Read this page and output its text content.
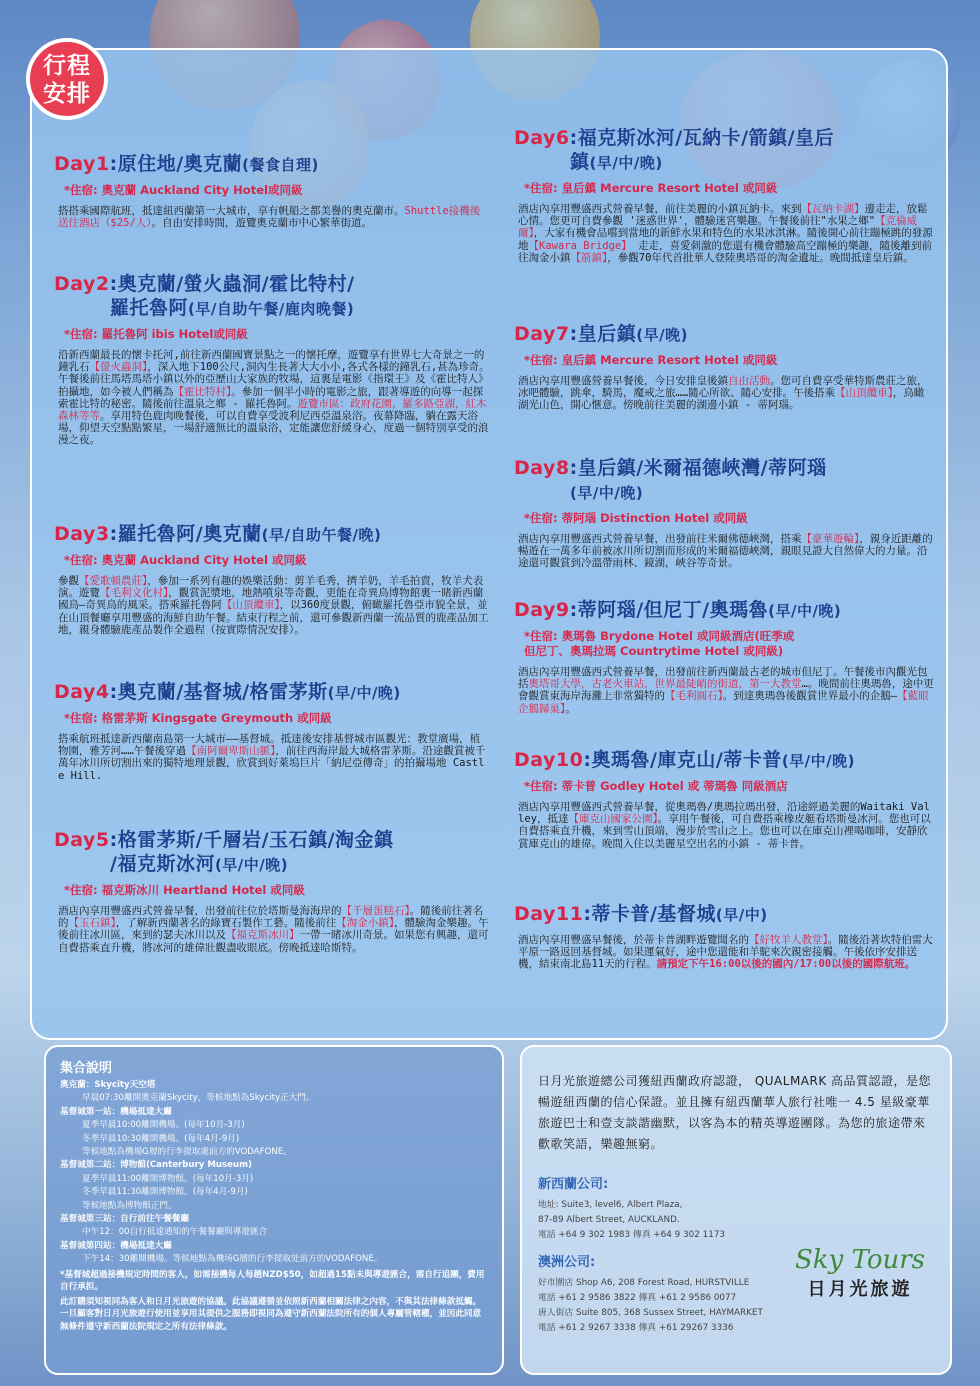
行程
安排
Day1:原住地/奧克蘭(餐食自理)
*住宿: 奧克蘭 Auckland City Hotel或同級
搭搭乘國際航班，抵達紐西蘭第一大城市，享有帆船之都美譽的奧克蘭市。Shuttle接機後送往酒店（$25/人）。自由安排時間，遊覽奧克蘭市中心繁華街道。
Day2:奧克蘭/螢火蟲洞/霍比特村/
羅托魯阿(早/自助午餐/鹿肉晚餐)
*住宿: 羅托魯阿 ibis Hotel或同級
沿新西蘭最長的懷卡托河,前往新西蘭國寶景點之一的懷托摩，遊覽享有世界七大奇景之一的鐘乳石【螢火蟲洞】，深入地下100公尺,洞內生長著大大小小,各式各樣的鐘乳石,甚為珍奇。午餐後前往馬塔馬塔小鎮以外的亞歷山大家族的牧場，這裏是電影《指環王》及《霍比特人》拍攝地，如今被人們稱為【霍比特村】。參加一個半小時的電影之旅，跟著導遊的向導一起探索霍比特的秘密。隨後前往溫泉之鄉 - 羅托魯阿。遊覽市區：政府花園，羅多路亞湖，紅木森林等等。享用特色鹿肉晚餐後，可以自費享受波利尼西亞溫泉浴。夜幕降臨，躺在露天浴場，仰望天空點點繁星，一場舒適無比的溫泉浴，定能讓您舒緩身心，度過一個特別享受的浪漫之夜。
Day3:羅托魯阿/奧克蘭(早/自助午餐/晚)
*住宿: 奧克蘭 Auckland City Hotel 或同級
參觀【愛歌頓農莊】，參加一系列有趣的娛樂活動：剪羊毛秀，擠羊奶，羊毛拍賣，牧羊犬表演。遊覽【毛利文化村】，觀賞泥漿地，地熱噴泉等奇觀，更能在奇異鳥博物館裏一睹新西蘭國鳥—奇異鳥的風采。搭乘羅托魯阿【山頂纜車】，以360度景觀，俯瞰羅托魯亞市貌全景，並在山頂餐廳享用豐盛的海鮮自助午餐。結束行程之前，還可參觀新西蘭一流品質的鹿產品加工地，親身體驗鹿產品製作全過程（按實際情況安排）。
Day4:奧克蘭/基督城/格雷茅斯(早/中/晚)
*住宿: 格雷茅斯 Kingsgate Greymouth 或同級
搭乘航班抵達新西蘭南島第一大城市——基督城。抵達後安排基督城市區觀光：教堂廣場，植物園，雅芳河……午餐後穿過【南阿爾卑斯山脈】，前往西海岸最大城格雷茅斯。沿途觀賞被千萬年冰川所切割出來的獨特地理景觀，欣賞到好萊塢巨片「納尼亞傳奇」的拍攝場地 Castle Hill.
Day5:格雷茅斯/千層岩/玉石鎮/淘金鎮
/福克斯冰河(早/中/晚)
*住宿: 福克斯冰川 Heartland Hotel 或同級
酒店內享用豐盛西式營養早餐，出發前往位於塔斯曼海海岸的【千層蛋糕石】。隨後前往著名的【玉石鎮】，了解新西蘭著名的綠寶石製作工藝。隨後前往【淘金小鎮】，體驗淘金樂趣。午後前往冰川區，來到約瑟夫冰川以及【福克斯冰川】一帶一睹冰川奇景。如果您有興趣，還可自費搭乘直升機，將冰河的雄偉壯觀盡收眼底。傍晚抵達哈斯特。
Day6:福克斯冰河/瓦納卡/箭鎮/皇后
鎮(早/中/晚)
*住宿: 皇后鎮 Mercure Resort Hotel 或同級
酒店內享用豐盛西式營養早餐，前往美麗的小鎮瓦納卡。來到【瓦納卡湖】邊走走，放鬆心情。您更可自費參觀 '迷惑世界'，體驗迷宮樂趣。午餐後前往"水果之鄉"【克倫威爾】，大家有機會品嚐到當地的新鮮水果和特色的水果冰淇淋。隨後開心前往蹦極跳的發源地【Kawara Bridge】 走走，喜愛刺激的您還有機會體驗高空蹦極的樂趣，隨後離到前往淘金小鎮【箭鎮】，參觀70年代首批華人登陸奧塔哥的淘金遺址。晚間抵達皇后鎮。
Day7:皇后鎮(早/晚)
*住宿: 皇后鎮 Mercure Resort Hotel 或同級
酒店內享用豐盛營養早餐後，今日安排皇後鎮自由活動。您可自費享受華特斯農莊之旅，冰吧體驗，跳傘，騎馬，魔戒之旅……隨心所欲、隨心安排。午後搭乘【山頂纜車】，鳥瞰湖光山色，開心愜意。傍晚前往美麗的湖邊小鎮 - 蒂阿瑙。
Day8:皇后鎮/米爾福德峽灣/蒂阿瑙
(早/中/晚)
*住宿: 蒂阿瑙 Distinction Hotel 或同級
酒店內享用豐盛西式營養早餐，出發前往米爾佛德峽灣，搭乘【豪華遊輪】，親身近距離的暢遊在一萬多年前被冰川所切割而形成的米爾福德峽灣，親眼見證大自然偉大的力量。沿途還可觀賞到冷溫帶雨林、鏡湖，峽谷等奇景。
Day9:蒂阿瑙/但尼丁/奧瑪魯(早/中/晚)
*住宿: 奧瑪魯 Brydone Hotel 或同級酒店(旺季或
但尼丁、奧瑪拉瑪 Countrytime Hotel 或同級)
酒店內享用豐盛西式營養早餐，出發前往新西蘭最古老的城市但尼丁。午餐後市內觀光包括奧塔哥大學，古老火車站，世界最陡峭的街道，第一大教堂…。晚間前往奧瑪魯，途中更會觀賞東海岸海灘上非常獨特的【毛利圓石】。到達奧瑪魯後觀賞世界最小的企鵝—【藍眼企鵝歸巢】。
Day10:奧瑪魯/庫克山/蒂卡普(早/中/晚)
*住宿: 蒂卡普 Godley Hotel 或 蒂瑪魯 同級酒店
酒店內享用豐盛西式營養早餐，從奧瑪魯/奧瑪拉瑪出發，沿途經過美麗的Waitaki Valley，抵達【庫克山國家公園】。享用午餐後，可自費搭乘橡皮艇看塔斯曼冰河。您也可以自費搭乘直升機，來到雪山頂端，漫步於雪山之上。您也可以在庫克山裡喝咖啡，安靜欣賞庫克山的雄偉。晚間入住以美麗星空出名的小鎮 - 蒂卡普。
Day11:蒂卡普/基督城(早/中)
酒店內享用豐盛早餐後，於蒂卡普湖畔遊覽聞名的【好牧羊人教堂】。隨後沿著坎特伯雷大平原一路返回基督城。如果運氣好，途中您還能和羊駝來次親密接觸。午後依序安排送機，結束南北島11天的行程。請預定下午16:00以後的國內/17:00以後的國際航班。
集合說明
奧克蘭：Skycity天空塔
早晨07:30離開奧克蘭Skycity，等候地點為Skycity正大門。
基督城第一站：機場抵達大廳
夏季早晨10:00離開機場。(每年10月-3月)
冬季早晨10:30離開機場。(每年4月-9月)
等候地點為機場G層的行李提取處前方的VODAFONE。
基督城第二站：博物館(Canterbury Museum)
夏季早晨11:00離開博物館。(每年10月-3月)
冬季早晨11:30離開博物館。(每年4月-9月)
等候地點為博物館正門。
基督城第三站：自行前往午餐餐廳
中午12：00自行抵達通知的午餐餐廳與導遊匯合
基督城第四站：機場抵達大廳
下午14：30離開機場。等候地點為機场G層的行李提取处前方的VODAFONE。
*基督城超過接機規定時間的客人，如需接機每人每趟NZD$50，如超過15點未與導遊匯合，需自行追團，費用自行承担。
此訂購須知視同為客人和日月光旅遊的協議。此協議遵循並依照新西蘭相關法律之內容，不與其法律條款抵觸。一旦顧客對日月光旅遊行使用並享用其提供之服務即視同為遵守新西蘭法院所有的個人專屬管轄權，並因此同意無條件遵守新西蘭法院規定之所有法律條款。
日月光旅遊總公司獲紐西蘭政府認證， QUALMARK 高品質認證，是您暢遊紐西蘭的信心保證。並且擁有紐西蘭華人旅行社唯一 4.5 星級豪華旅遊巴士和壹支談諧幽默，以客為本的精英導遊團隊。為您的旅途帶來歡歌笑語，樂趣無窮。
新西蘭公司:
地址: Suite3, level6, Albert Plaza,
87-89 Albert Street, AUCKLAND.
電話 +64 9 302 1983 傳真 +64 9 302 1173
澳洲公司:
好市圍店 Shop A6, 208 Forest Road, HURSTVILLE
電話 +61 2 9586 3822 傳真 +61 2 9586 0077
唐人街店 Suite 805, 368 Sussex Street, HAYMARKET
電話 +61 2 9267 3338 傳真 +61 29267 3336
Sky Tours
日月光旅遊
